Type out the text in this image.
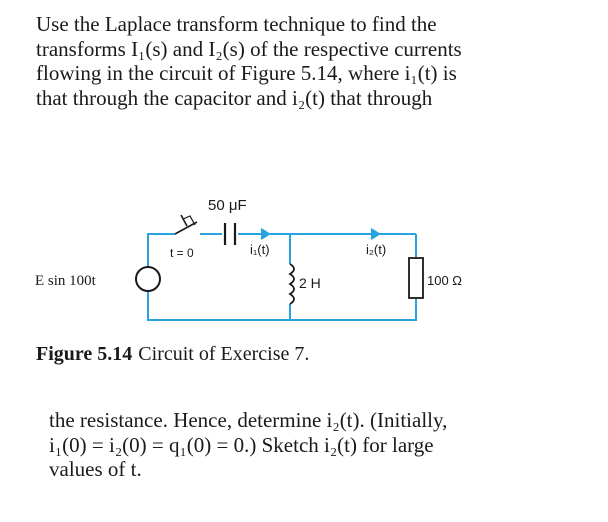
Use the Laplace transform technique to find the
transforms I₁(s) and I₂(s) of the respective currents
flowing in the circuit of Figure 5.14, where i₁(t) is
that through the capacitor and i₂(t) that through
50 μF
t = 0	i₁(t)	i₂(t)
E sin 100t	2 H	100 Ω
Figure 5.14 Circuit of Exercise 7.
the resistance. Hence, determine i₂(t). (Initially,
i₁(0) = i₂(0) = q₁(0) = 0.) Sketch i₂(t) for large
values of t.
